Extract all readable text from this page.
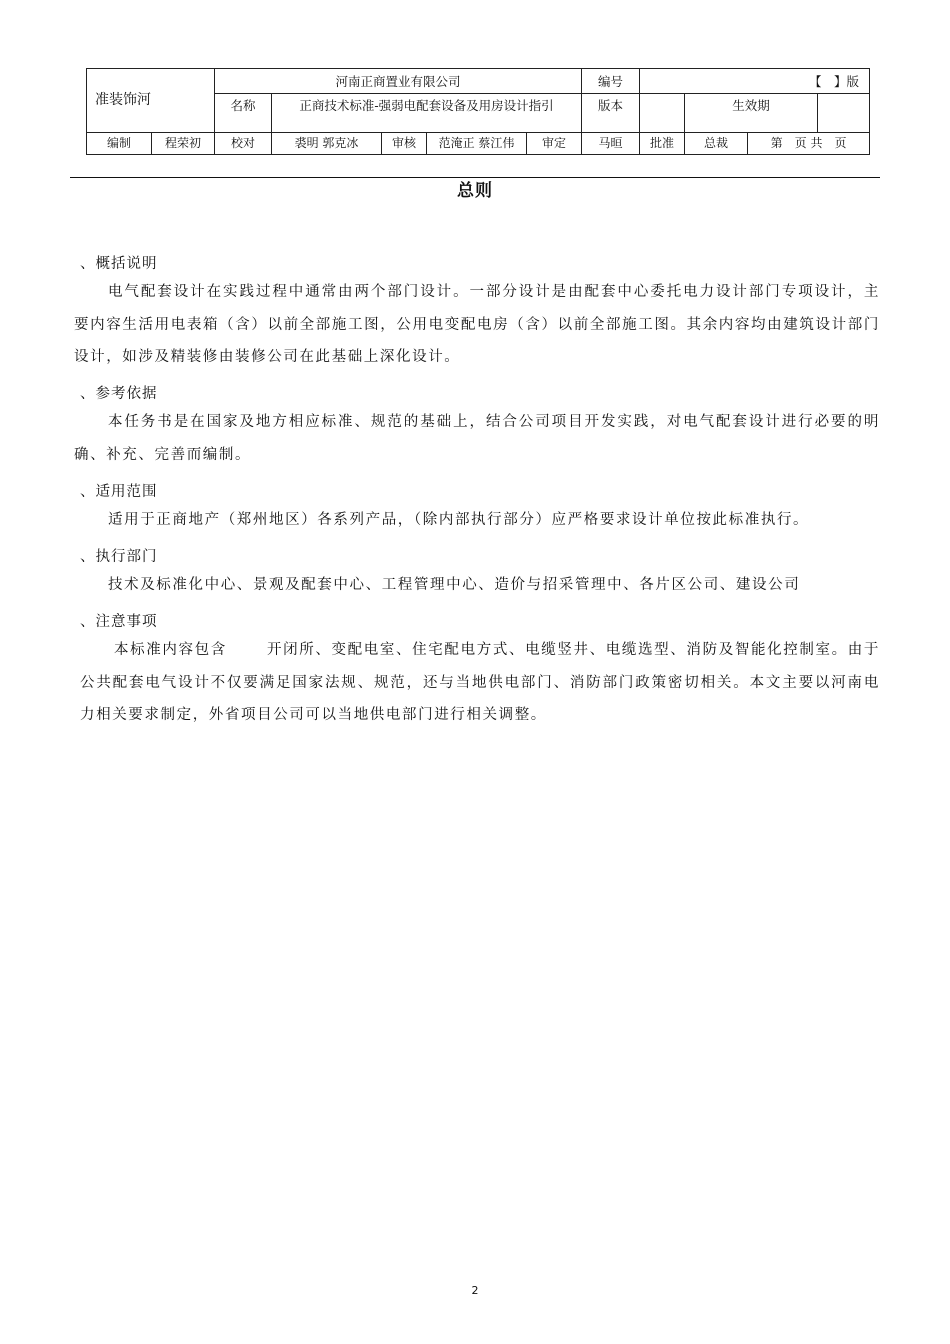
准装饰河		河南正商置业有限公司					编号	【　】版			
		名称	正商技术标准-强弱电配套设备及用房设计指引				版本		生效期		
编制	程荣初	校对	裘明 郭克冰	审核	范淹正 蔡江伟	审定	马晅	批准	总裁	第　页 共　页	
总则
、概括说明

电气配套设计在实践过程中通常由两个部门设计。一部分设计是由配套中心委托电力设计部门专项设计，主要内容生活用电表箱（含）以前全部施工图，公用电变配电房（含）以前全部施工图。其余内容均由建筑设计部门设计，如涉及精装修由装修公司在此基础上深化设计。

、参考依据

本任务书是在国家及地方相应标准、规范的基础上，结合公司项目开发实践，对电气配套设计进行必要的明确、补充、完善而编制。

、适用范围

适用于正商地产（郑州地区）各系列产品，（除内部执行部分）应严格要求设计单位按此标准执行。

、执行部门

技术及标准化中心、景观及配套中心、工程管理中心、造价与招采管理中、各片区公司、建设公司

、注意事项

本标准内容包含	开闭所、变配电室、住宅配电方式、电缆竖井、电缆选型、消防及智能化控制室。由于公共配套电气设计不仅要满足国家法规、规范，还与当地供电部门、消防部门政策密切相关。本文主要以河南电力相关要求制定，外省项目公司可以当地供电部门进行相关调整。

2
